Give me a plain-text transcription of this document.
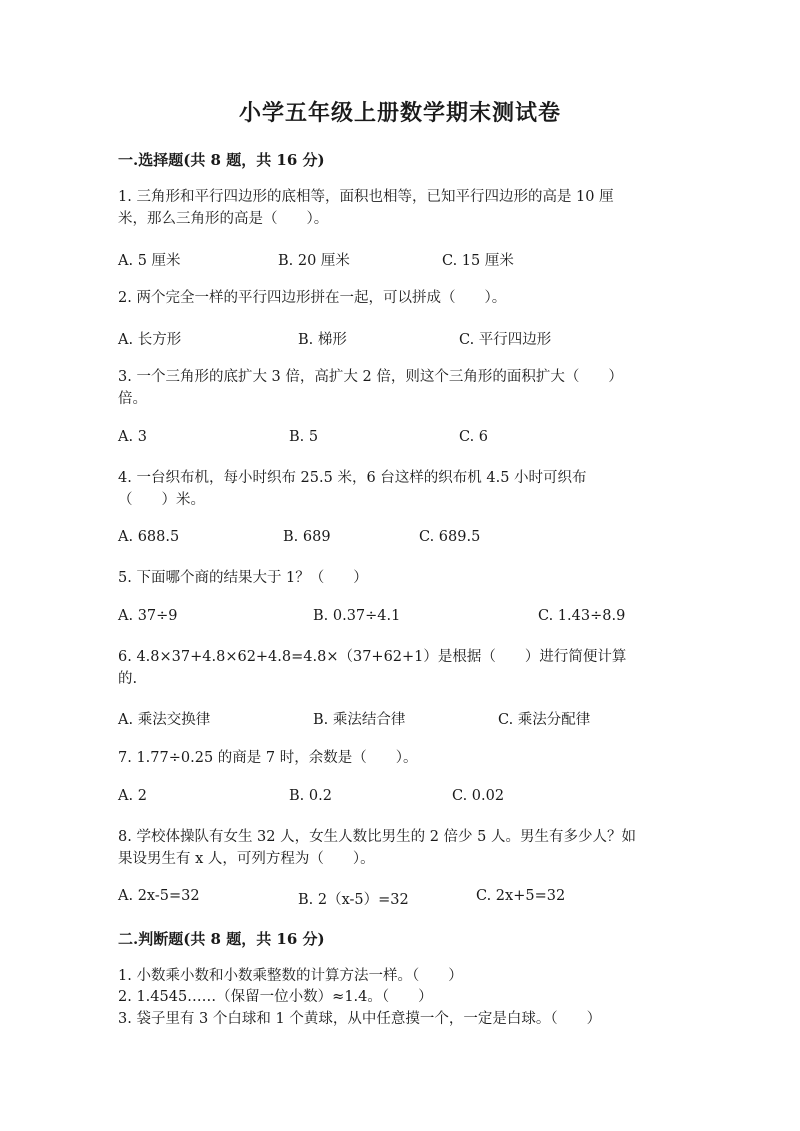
小学五年级上册数学期末测试卷
一.选择题(共 8 题，共 16 分)
1. 三角形和平行四边形的底相等，面积也相等，已知平行四边形的高是 10 厘
米，那么三角形的高是（　　）。
A. 5 厘米	B. 20 厘米	C. 15 厘米
2. 两个完全一样的平行四边形拼在一起，可以拼成（　　）。
A. 长方形	B. 梯形	C. 平行四边形
3. 一个三角形的底扩大 3 倍，高扩大 2 倍，则这个三角形的面积扩大（　　）
倍。
A. 3	B. 5	C. 6
4. 一台织布机，每小时织布 25.5 米，6 台这样的织布机 4.5 小时可织布
（　　）米。
A. 688.5	B. 689	C. 689.5
5. 下面哪个商的结果大于 1？（　　）
A. 37÷9	B. 0.37÷4.1	C. 1.43÷8.9
6. 4.8×37+4.8×62+4.8=4.8×（37+62+1）是根据（　　）进行简便计算
的.
A. 乘法交换律	B. 乘法结合律	C. 乘法分配律
7. 1.77÷0.25 的商是 7 时，余数是（　　）。
A. 2	B. 0.2	C. 0.02
8. 学校体操队有女生 32 人，女生人数比男生的 2 倍少 5 人。男生有多少人？如
果设男生有 x 人，可列方程为（　　）。
A. 2x-5=32	B. 2（x-5）=32	C. 2x+5=32
二.判断题(共 8 题，共 16 分)
1. 小数乘小数和小数乘整数的计算方法一样。（　　）
2. 1.4545……（保留一位小数）≈1.4。（　　）
3. 袋子里有 3 个白球和 1 个黄球，从中任意摸一个，一定是白球。（　　）
